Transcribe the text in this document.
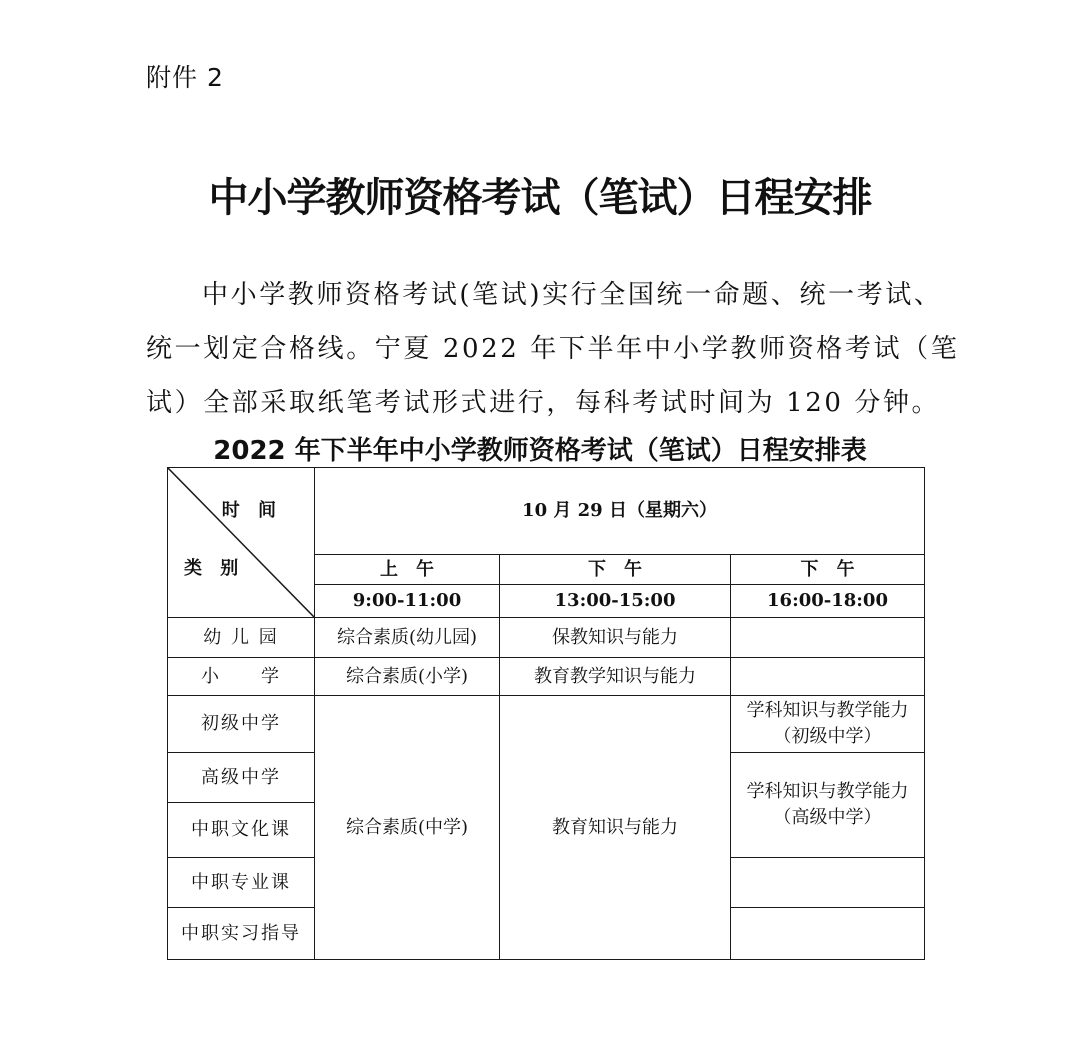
附件 2
中小学教师资格考试（笔试）日程安排
中小学教师资格考试(笔试)实行全国统一命题、统一考试、
统一划定合格线。宁夏 2022 年下半年中小学教师资格考试（笔
试）全部采取纸笔考试形式进行，每科考试时间为 120 分钟。
2022 年下半年中小学教师资格考试（笔试）日程安排表
时 间
类 别	10 月 29 日（星期六）		
	上　午	下　午	下　午
	9:00-11:00	13:00-15:00	16:00-18:00
幼 儿 园	综合素质(幼儿园)	保教知识与能力	
小　　学	综合素质(小学)	教育教学知识与能力	
初级中学	综合素质(中学)	教育知识与能力	学科知识与教学能力
（初级中学）

高级中学			学科知识与教学能力
（高级中学）

中职文化课			
中职专业课			
中职实习指导			
